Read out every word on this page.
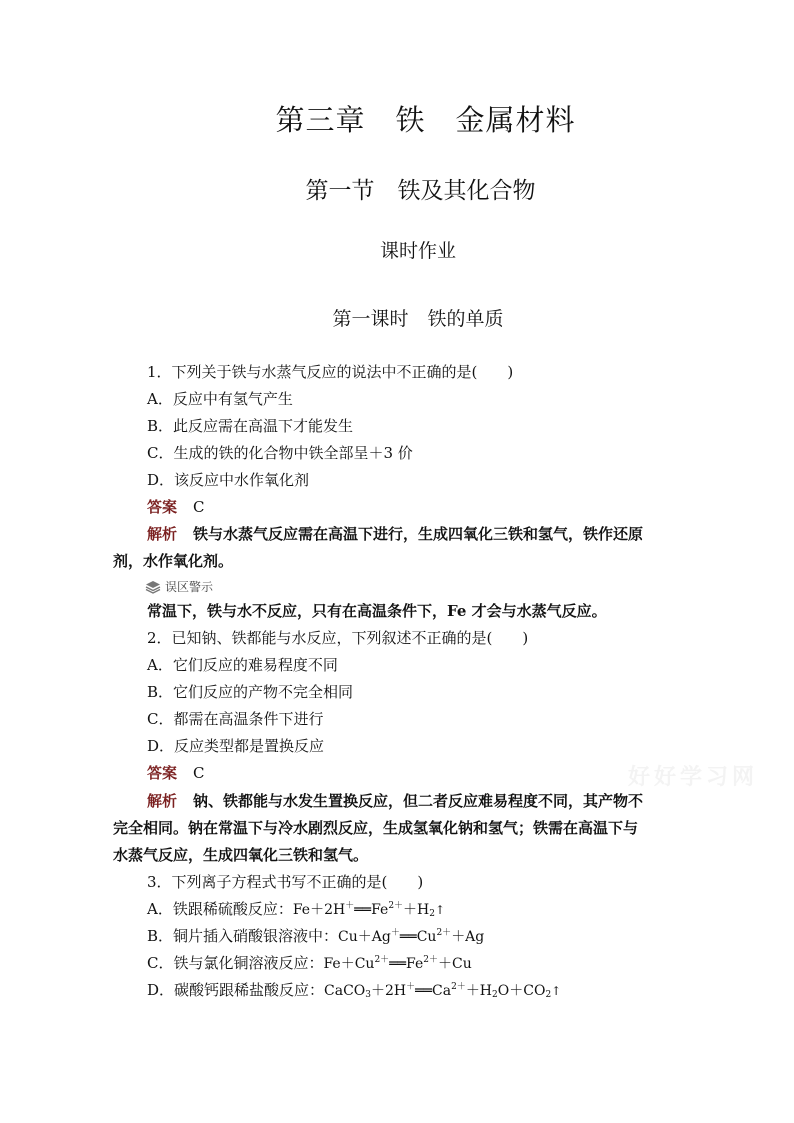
第三章　铁　金属材料
第一节　铁及其化合物
课时作业
第一课时　铁的单质
1．下列关于铁与水蒸气反应的说法中不正确的是(　　)
A．反应中有氢气产生
B．此反应需在高温下才能发生
C．生成的铁的化合物中铁全部呈＋3 价
D．该反应中水作氧化剂
答案 C
解析 铁与水蒸气反应需在高温下进行，生成四氧化三铁和氢气，铁作还原
剂，水作氧化剂。
误区警示
常温下，铁与水不反应，只有在高温条件下，Fe 才会与水蒸气反应。
2．已知钠、铁都能与水反应，下列叙述不正确的是(　　)
A．它们反应的难易程度不同
B．它们反应的产物不完全相同
C．都需在高温条件下进行
D．反应类型都是置换反应
答案 C
解析 钠、铁都能与水发生置换反应，但二者反应难易程度不同，其产物不
完全相同。钠在常温下与冷水剧烈反应，生成氢氧化钠和氢气；铁需在高温下与
水蒸气反应，生成四氧化三铁和氢气。
3．下列离子方程式书写不正确的是(　　)
A．铁跟稀硫酸反应：$Fe+2H^+══Fe^{2+}+H_2↑$
B．铜片插入硝酸银溶液中：$Cu+Ag^+══Cu^{2+}+Ag$
C．铁与氯化铜溶液反应：$Fe+Cu^{2+}══Fe^{2+}+Cu$
D．碳酸钙跟稀盐酸反应：$CaCO_3+2H^+══Ca^{2+}+H_2O+CO_2↑$
好好学习网
